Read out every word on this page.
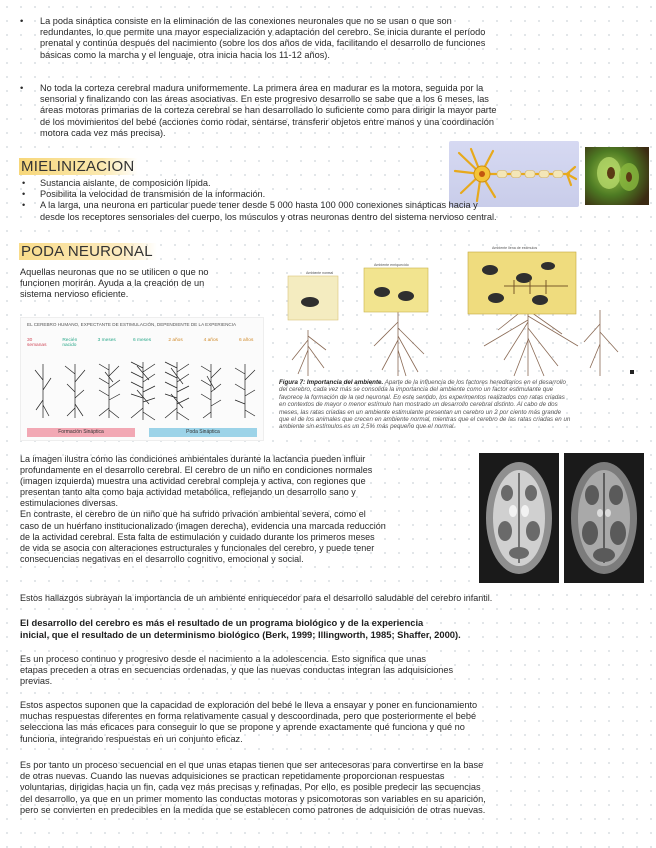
• La poda sináptica consiste en la eliminación de las conexiones neuronales que no se usan o que son
redundantes, lo que permite una mayor especialización y adaptación del cerebro. Se inicia durante el período
prenatal y continúa después del nacimiento (sobre los dos años de vida, facilitando el desarrollo de funciones
básicas como la marcha y el lenguaje, otra inicia hacia los 11-12 años).
• No toda la corteza cerebral madura uniformemente. La primera área en madurar es la motora, seguida por la
sensorial y finalizando con las áreas asociativas. En este progresivo desarrollo se sabe que a los 6 meses, las
áreas motoras primarias de la corteza cerebral se han desarrollado lo suficiente como para dirigir la mayor parte
de los movimientos del bebé (acciones como rodar, sentarse, transferir objetos entre manos y una coordinación
motora cada vez más precisa).
MIELINIZACION
• Sustancia aislante, de composición lípida.
• Posibilita la velocidad de transmisión de la información.
• A la larga, una neurona en particular puede tener desde 5 000 hasta 100 000 conexiones sinápticas hacia y
desde los receptores sensoriales del cuerpo, los músculos y otras neuronas dentro del sistema nervioso central.
PODA NEURONAL
Aquellas neuronas que no se utilicen o que no
funcionen morirán. Ayuda a la creación de un
sistema nervioso eficiente.
EL CEREBRO HUMANO, EXPECTANTE DE ESTIMULACIÓN, DEPENDIENTE DE LA EXPERIENCIA
30 semanas
Recién nacido
3 meses	6 meses	2 años	4 años	6 años
Formación Sináptica	Poda Sináptica
Ambiente normal
Ambiente enriquecido
Ambiente llena de estímulos
Figura 7: Importancia del ambiente. Aparte de la influencia de los factores hereditarios en el desarrollo
del cerebro, cada vez más se consolida la importancia del ambiente como un factor estimulante que
favorece la formación de la red neuronal. En este sentido, los experimentos realizados con ratas criadas
en contextos de mayor o menor estímulo han mostrado un desarrollo cerebral distinto. Al cabo de dos
meses, las ratas criadas en un ambiente estimulante presentan un cerebro un 2 por ciento más grande
que el de los animales que crecen en ambiente normal, mientras que el cerebro de las ratas criadas en un
ambiente sin estímulos es un 2,5% más pequeño que el normal.
La imagen ilustra cómo las condiciones ambientales durante la lactancia pueden influir
profundamente en el desarrollo cerebral. El cerebro de un niño en condiciones normales
(imagen izquierda) muestra una actividad cerebral compleja y activa, con regiones que
presentan tanto alta como baja actividad metabólica, reflejando un desarrollo sano y
estimulaciones diversas.
En contraste, el cerebro de un niño que ha sufrido privación ambiental severa, como el
caso de un huérfano institucionalizado (imagen derecha), evidencia una marcada reducción
de la actividad cerebral. Esta falta de estimulación y cuidado durante los primeros meses
de vida se asocia con alteraciones estructurales y funcionales del cerebro, y puede tener
consecuencias negativas en el desarrollo cognitivo, emocional y social.
Estos hallazgos subrayan la importancia de un ambiente enriquecedor para el desarrollo saludable del cerebro infantil.
El desarrollo del cerebro es más el resultado de un programa biológico y de la experiencia
inicial, que el resultado de un determinismo biológico (Berk, 1999; Illingworth, 1985; Shaffer, 2000).
Es un proceso continuo y progresivo desde el nacimiento a la adolescencia. Esto significa que unas
etapas preceden a otras en secuencias ordenadas, y que las nuevas conductas integran las adquisiciones
previas.
Estos aspectos suponen que la capacidad de exploración del bebé le lleva a ensayar y poner en funcionamiento
muchas respuestas diferentes en forma relativamente casual y descoordinada, pero que posteriormente el bebé
selecciona las más eficaces para conseguir lo que se propone y aprende exactamente qué funciona y qué no
funciona, integrando respuestas en un conjunto eficaz.
Es por tanto un proceso secuencial en el que unas etapas tienen que ser antecesoras para convertirse en la base
de otras nuevas. Cuando las nuevas adquisiciones se practican repetidamente proporcionan respuestas
voluntarias, dirigidas hacia un fin, cada vez más precisas y refinadas. Por ello, es posible predecir las secuencias
del desarrollo, ya que en un primer momento las conductas motoras y psicomotoras son variables en su aparición,
pero se convierten en predecibles en la medida que se establecen como patrones de adquisición de otras nuevas.
